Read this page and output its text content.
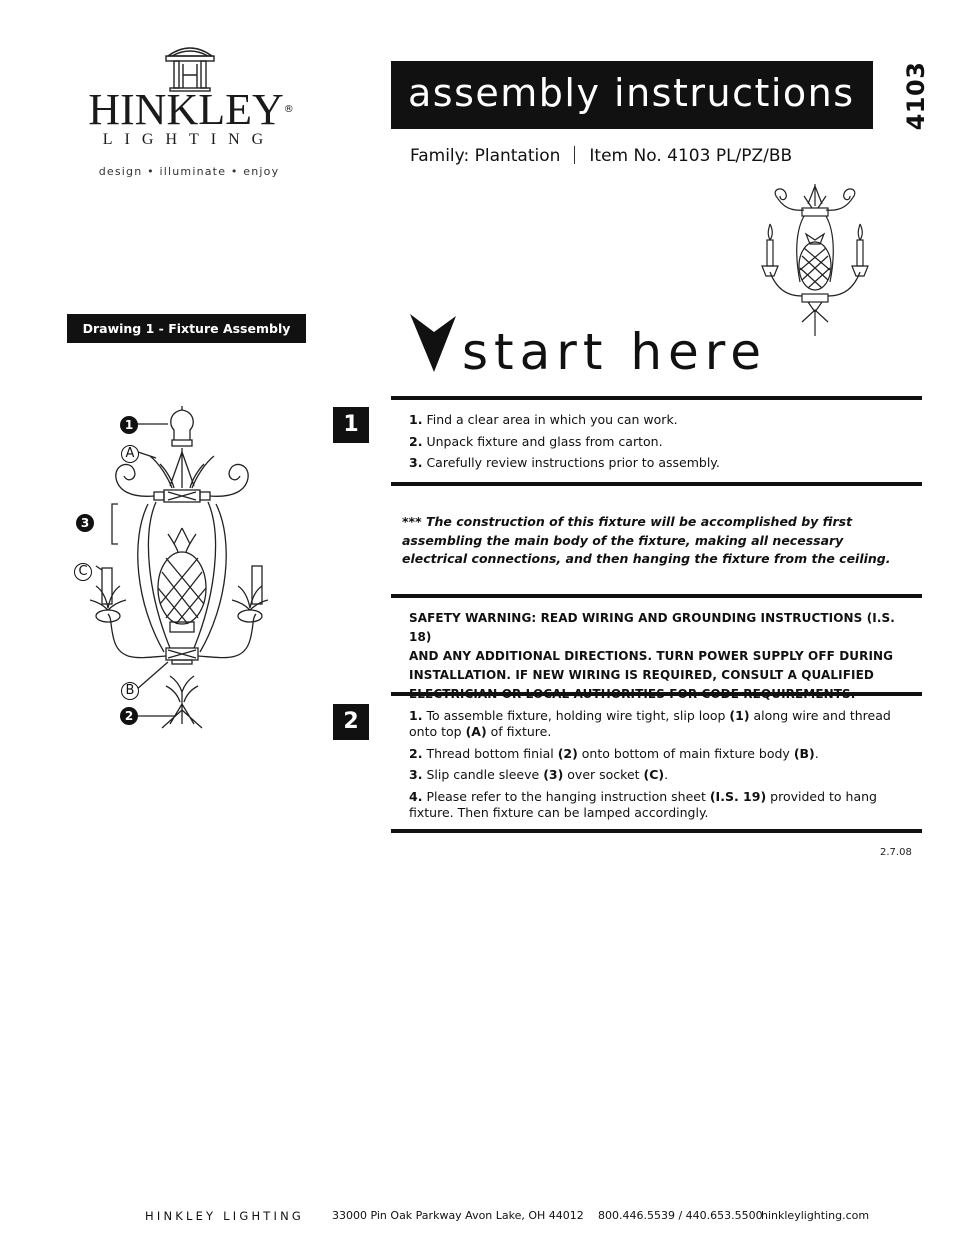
HINKLEY®
LIGHTING
design • illuminate • enjoy
assembly instructions 4103
Family: Plantation Item No. 4103 PL/PZ/BB
Drawing 1 - Fixture Assembly
1
A
3
C
B
2
start here
1	1. Find a clear area in which you can work.

2. Unpack fixture and glass from carton.

3. Carefully review instructions prior to assembly.

*** The construction of this fixture will be accomplished by first assembling the main body of the fixture, making all necessary electrical connections, and then hanging the fixture from the ceiling.
SAFETY WARNING: READ WIRING AND GROUNDING INSTRUCTIONS (I.S. 18)
AND ANY ADDITIONAL DIRECTIONS. TURN POWER SUPPLY OFF DURING
INSTALLATION. IF NEW WIRING IS REQUIRED, CONSULT A QUALIFIED
ELECTRICIAN OR LOCAL AUTHORITIES FOR CODE REQUIREMENTS.
2	1. To assemble fixture, holding wire tight, slip loop (1) along wire and thread onto top (A) of fixture.

2. Thread bottom finial (2) onto bottom of main fixture body (B).

3. Slip candle sleeve (3) over socket (C).

4. Please refer to the hanging instruction sheet (I.S. 19) provided to hang fixture. Then fixture can be lamped accordingly.

2.7.08
HINKLEY LIGHTING	33000 Pin Oak Parkway Avon Lake, OH 44012 800.446.5539 / 440.653.5500
hinkleylighting.com
